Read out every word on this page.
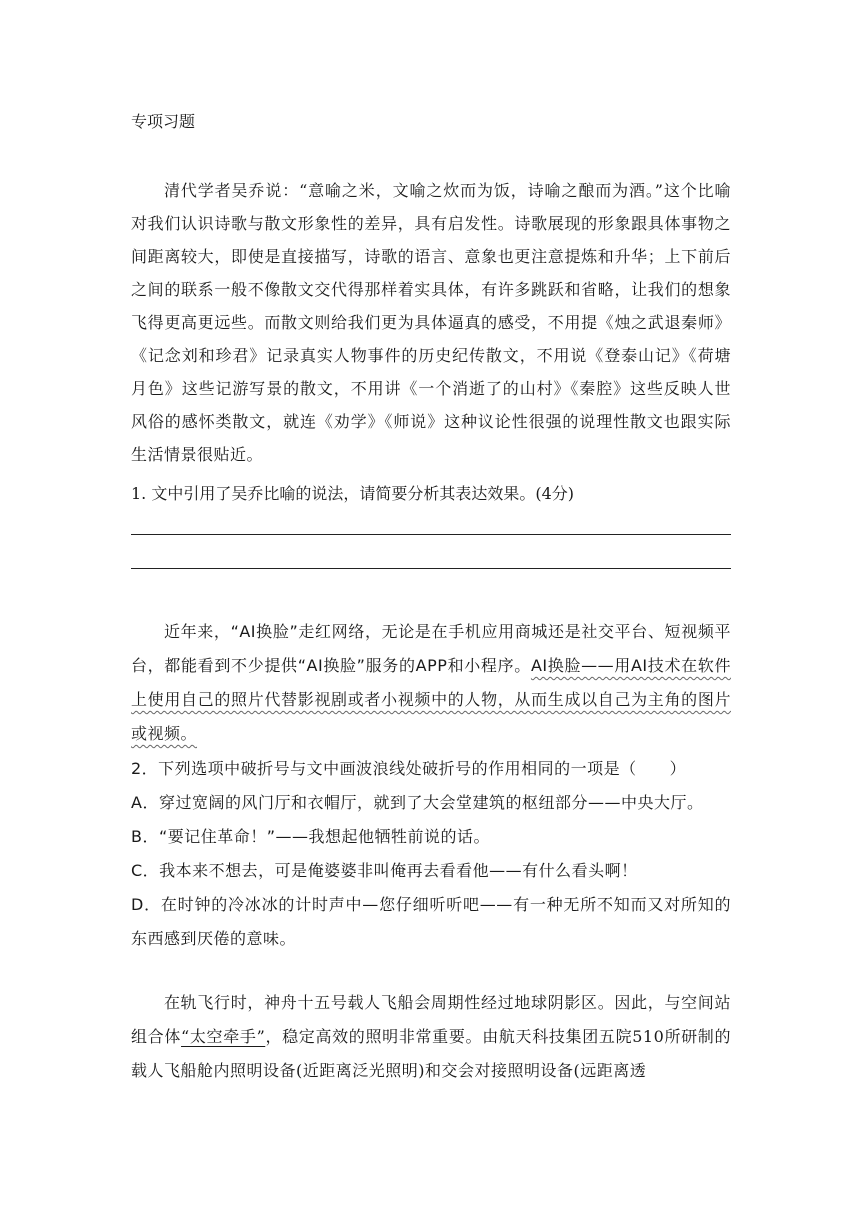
专项习题

清代学者吴乔说：“意喻之米，文喻之炊而为饭，诗喻之酿而为酒。”这个比喻对我们认识诗歌与散文形象性的差异，具有启发性。诗歌展现的形象跟具体事物之间距离较大，即使是直接描写，诗歌的语言、意象也更注意提炼和升华；上下前后之间的联系一般不像散文交代得那样着实具体，有许多跳跃和省略，让我们的想象飞得更高更远些。而散文则给我们更为具体逼真的感受，不用提《烛之武退秦师》《记念刘和珍君》记录真实人物事件的历史纪传散文，不用说《登泰山记》《荷塘月色》这些记游写景的散文，不用讲《一个消逝了的山村》《秦腔》这些反映人世风俗的感怀类散文，就连《劝学》《师说》这种议论性很强的说理性散文也跟实际生活情景很贴近。

1. 文中引用了吴乔比喻的说法，请简要分析其表达效果。(4分)

近年来，“AI换脸”走红网络，无论是在手机应用商城还是社交平台、短视频平台，都能看到不少提供“AI换脸”服务的APP和小程序。AI换脸——用AI技术在软件上使用自己的照片代替影视剧或者小视频中的人物，从而生成以自己为主角的图片或视频。

2．下列选项中破折号与文中画波浪线处破折号的作用相同的一项是（　　）

A．穿过宽阔的风门厅和衣帽厅，就到了大会堂建筑的枢纽部分——中央大厅。

B．“要记住革命！”——我想起他牺牲前说的话。

C．我本来不想去，可是俺婆婆非叫俺再去看看他——有什么看头啊！

D．在时钟的冷冰冰的计时声中—您仔细听听吧——有一种无所不知而又对所知的东西感到厌倦的意味。

在轨飞行时，神舟十五号载人飞船会周期性经过地球阴影区。因此，与空间站组合体“太空牵手”，稳定高效的照明非常重要。由航天科技集团五院510所研制的载人飞船舱内照明设备(近距离泛光照明)和交会对接照明设备(远距离透
